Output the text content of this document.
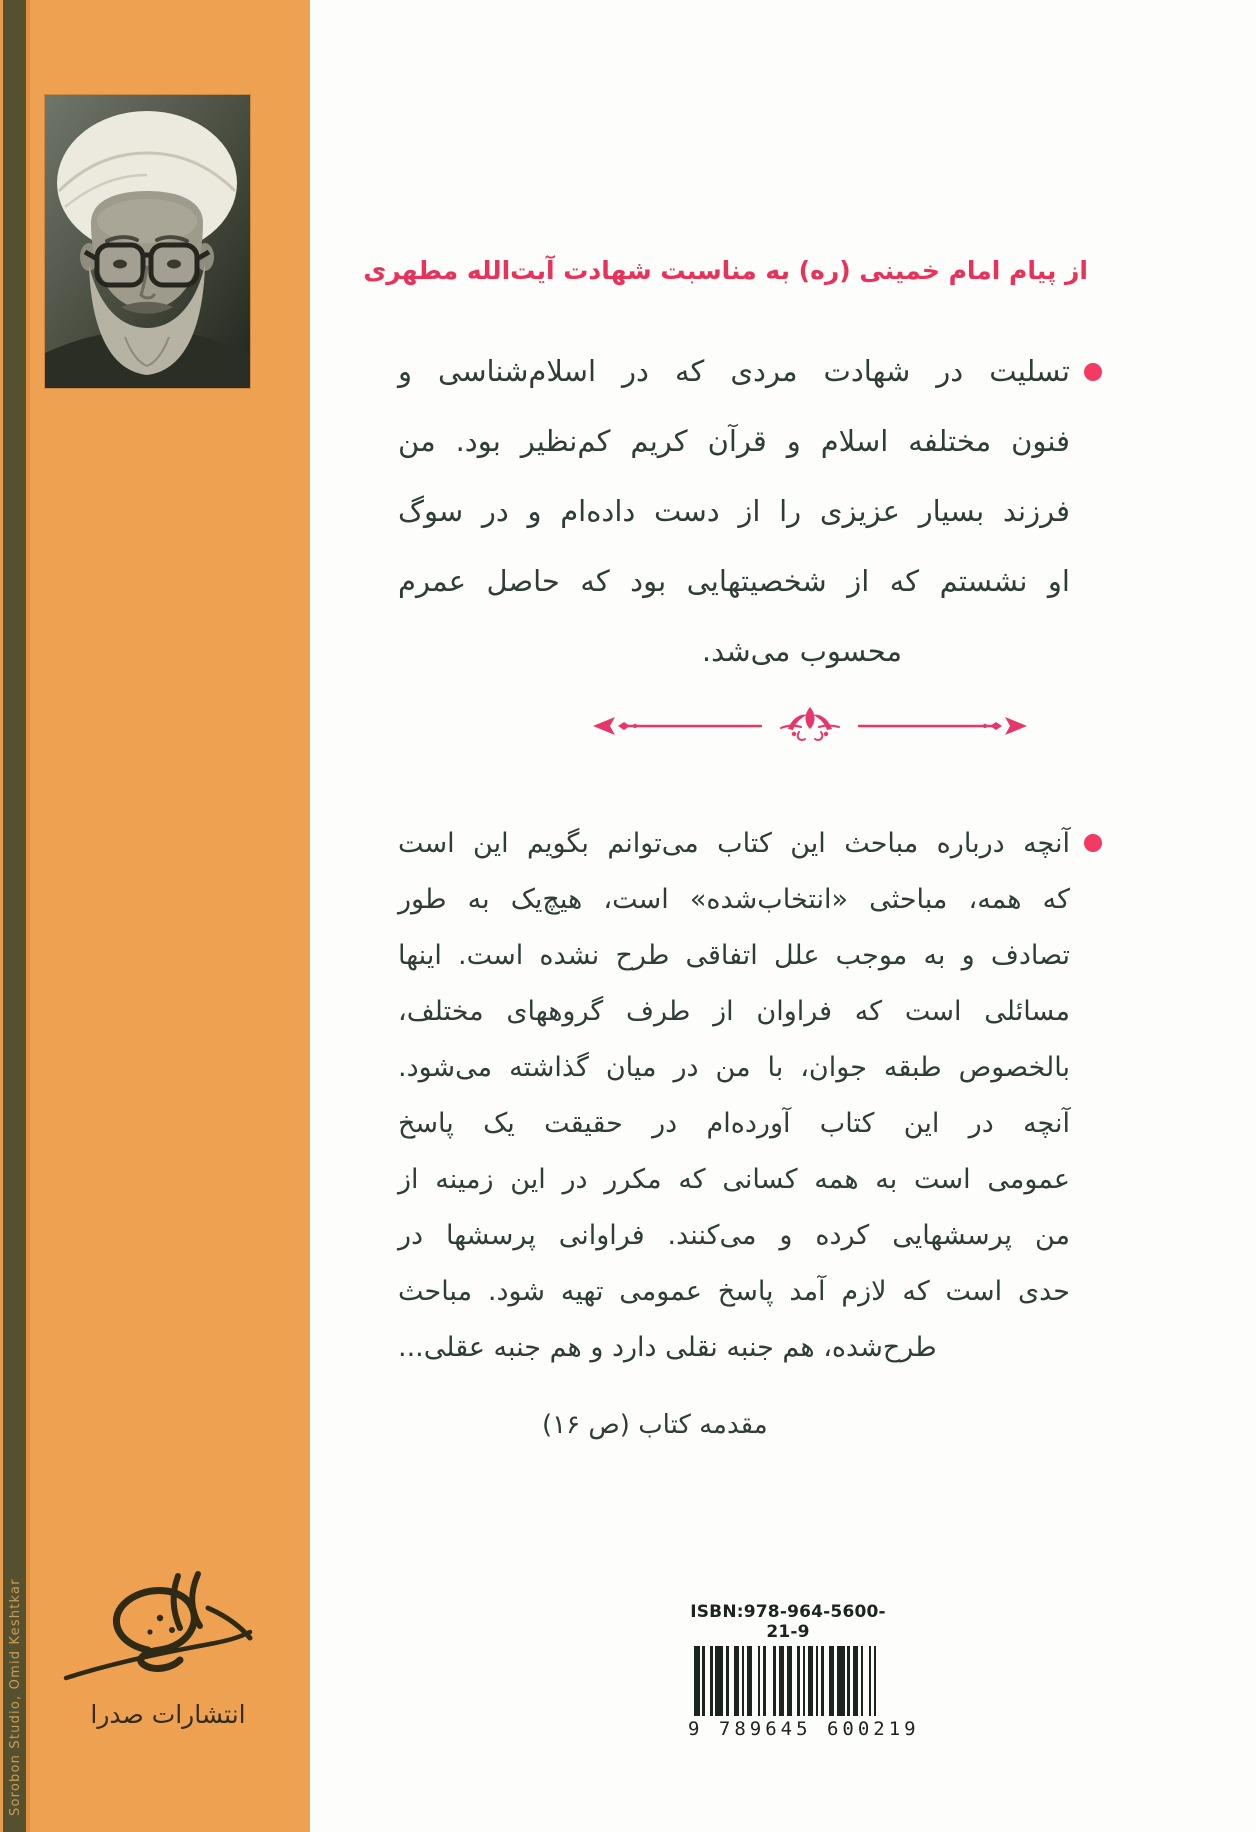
Sorobon Studio, Omid Keshtkar	انتشارات صدرا
از پیام امام خمینی (ره) به مناسبت شهادت آیت‌الله مطهری
تسلیت در شهادت مردی که در اسلام‌شناسی و
فنون مختلفه اسلام و قرآن کریم کم‌نظیر بود. من
فرزند بسیار عزیزی را از دست داده‌ام و در سوگ
او نشستم که از شخصیتهایی بود که حاصل عمرم
محسوب می‌شد.
آنچه درباره مباحث این کتاب می‌توانم بگویم این است
که همه، مباحثی «انتخاب‌شده» است، هیچ‌یک به طور
تصادف و به موجب علل اتفاقی طرح نشده است. اینها
مسائلی است که فراوان از طرف گروههای مختلف،
بالخصوص طبقه جوان، با من در میان گذاشته می‌شود.
آنچه در این کتاب آورده‌ام در حقیقت یک پاسخ
عمومی است به همه کسانی که مکرر در این زمینه از
من پرسشهایی کرده و می‌کنند. فراوانی پرسشها در
حدی است که لازم آمد پاسخ عمومی تهیه شود. مباحث
طرح‌شده، هم جنبه نقلی دارد و هم جنبه عقلی...
مقدمه کتاب (ص ۱۶)
ISBN:978-964-5600-21-9
9 789645 600219
